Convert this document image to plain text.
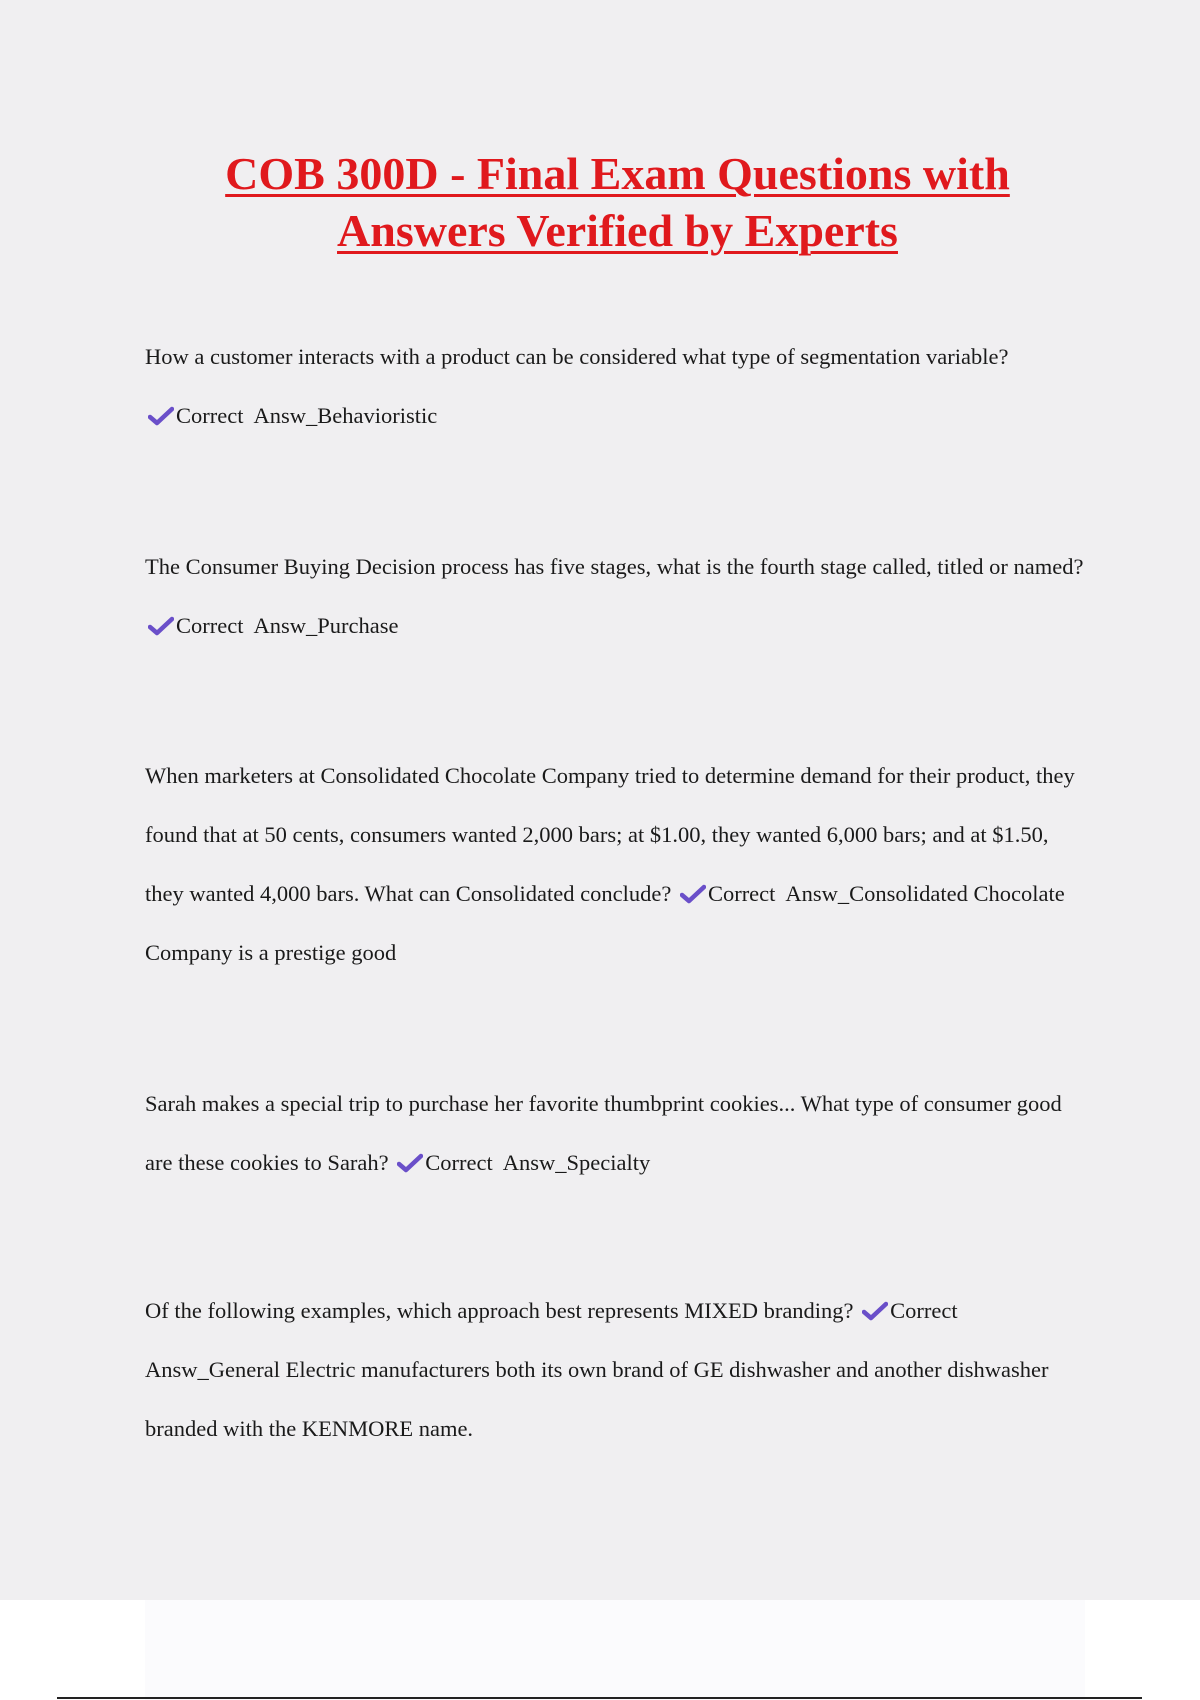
COB 300D - Final Exam Questions with
Answers Verified by Experts

How a customer interacts with a product can be considered what type of segmentation variable?

Correct Answ_Behavioristic

The Consumer Buying Decision process has five stages, what is the fourth stage called, titled or named?
Correct Answ_Purchase

When marketers at Consolidated Chocolate Company tried to determine demand for their product, they found that at 50 cents, consumers wanted 2,000 bars; at $1.00, they wanted 6,000 bars; and at $1.50, they wanted 4,000 bars. What can Consolidated conclude? Correct Answ_Consolidated Chocolate Company is a prestige good

Sarah makes a special trip to purchase her favorite thumbprint cookies... What type of consumer good are these cookies to Sarah? Correct Answ_Specialty

Of the following examples, which approach best represents MIXED branding? CorrectAnsw_General Electric manufacturers both its own brand of GE dishwasher and another dishwasher branded with the KENMORE name.
